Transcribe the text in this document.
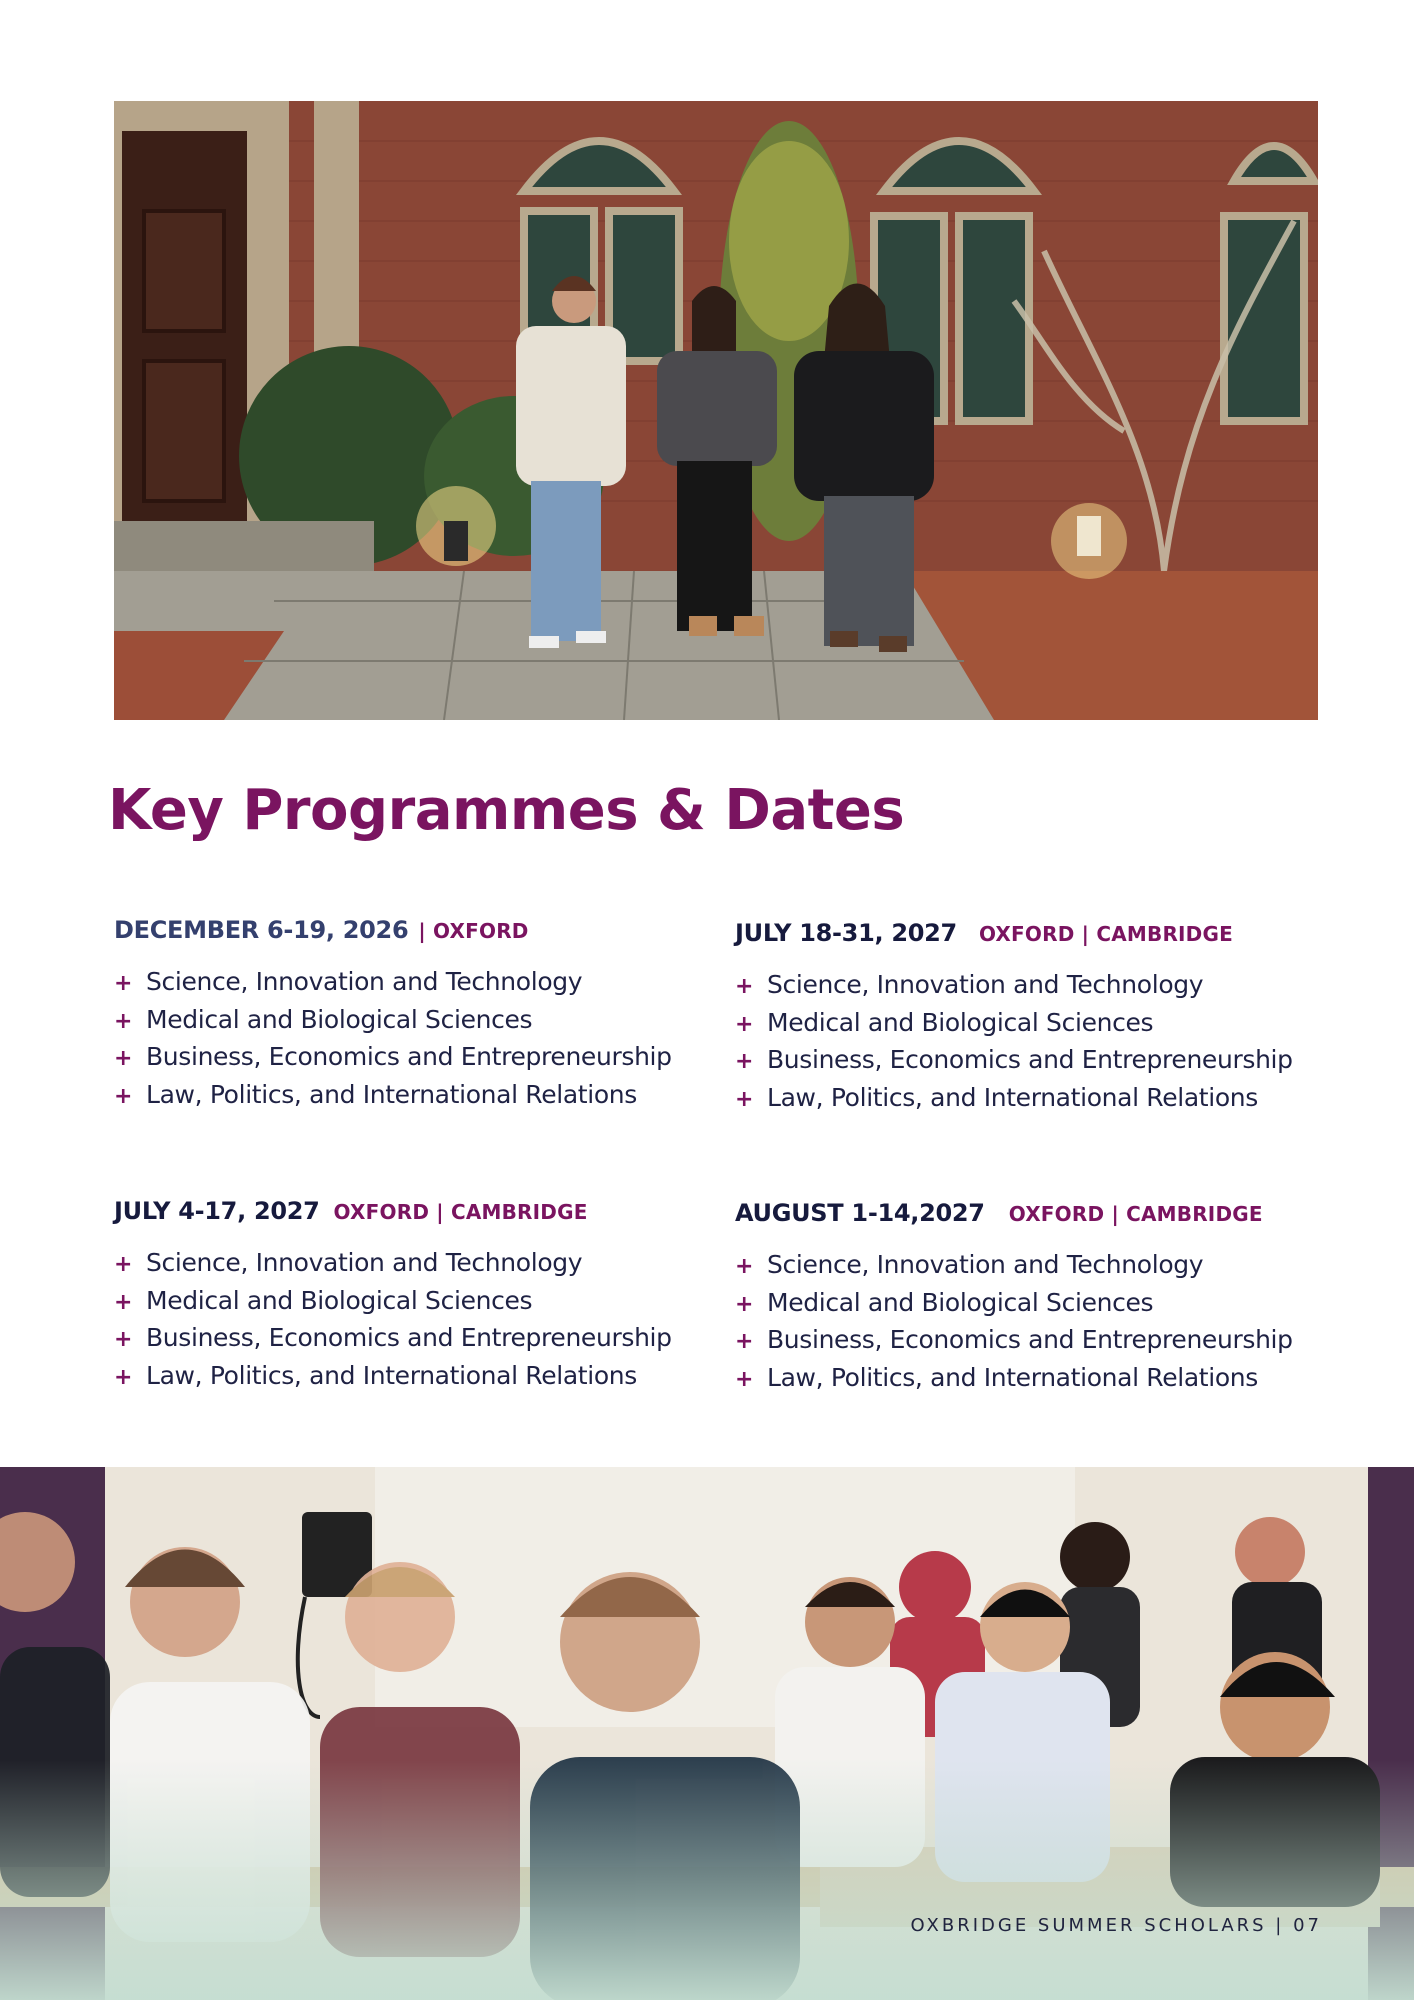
Key Programmes & Dates
DECEMBER 6-19, 2026 | OXFORD
+ Science, Innovation and Technology
+ Medical and Biological Sciences
+ Business, Economics and Entrepreneurship
+ Law, Politics, and International Relations
JULY 18-31, 2027 OXFORD | CAMBRIDGE
+ Science, Innovation and Technology
+ Medical and Biological Sciences
+ Business, Economics and Entrepreneurship
+ Law, Politics, and International Relations
JULY 4-17, 2027 OXFORD | CAMBRIDGE
+ Science, Innovation and Technology
+ Medical and Biological Sciences
+ Business, Economics and Entrepreneurship
+ Law, Politics, and International Relations
AUGUST 1-14,2027 OXFORD | CAMBRIDGE
+ Science, Innovation and Technology
+ Medical and Biological Sciences
+ Business, Economics and Entrepreneurship
+ Law, Politics, and International Relations
OXBRIDGE SUMMER SCHOLARS | 07
